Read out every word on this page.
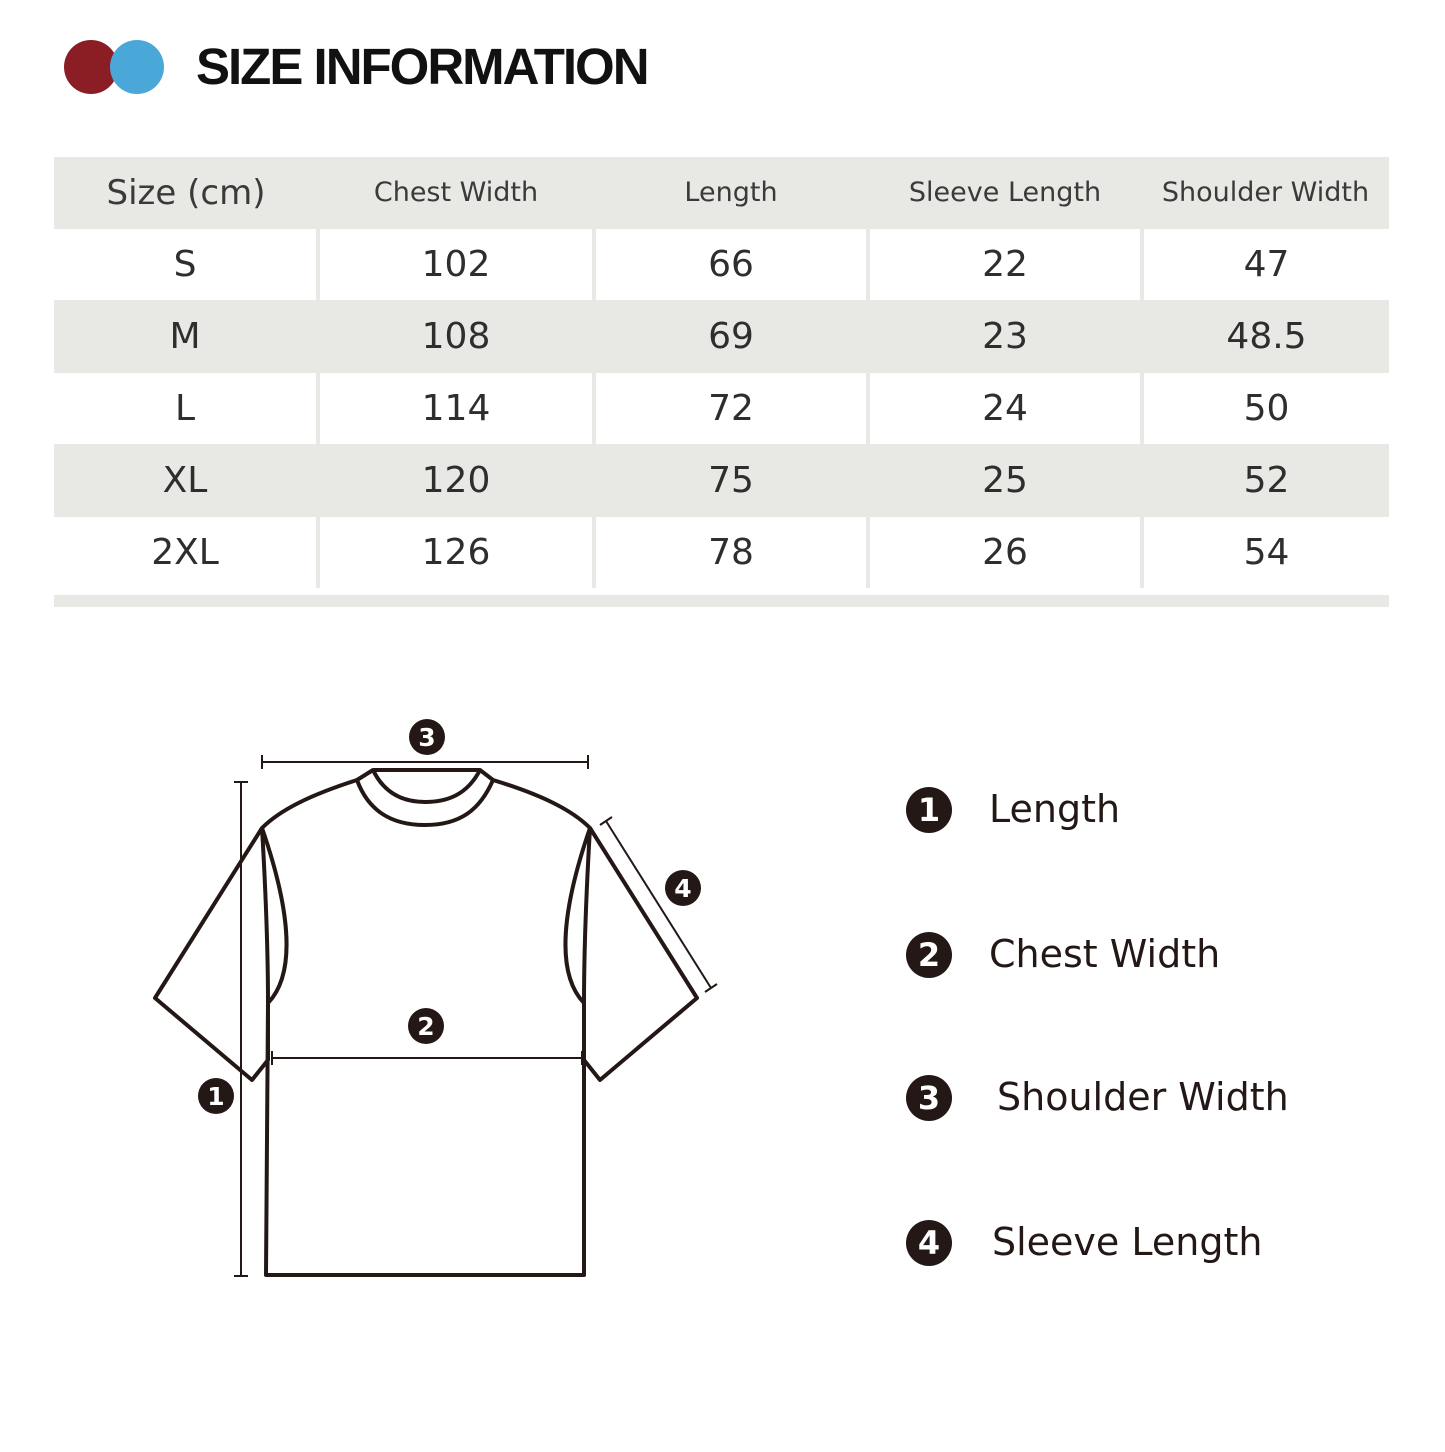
SIZE INFORMATION
Size (cm)	Chest Width	Length	Sleeve Length	Shoulder Width
S	102	66	22	47
M	108	69	23	48.5
L	114	72	24	50
XL	120	75	25	52
2XL	126	78	26	54
3
1
2
4
1 Length
2 Chest Width
3 Shoulder Width
4 Sleeve Length
